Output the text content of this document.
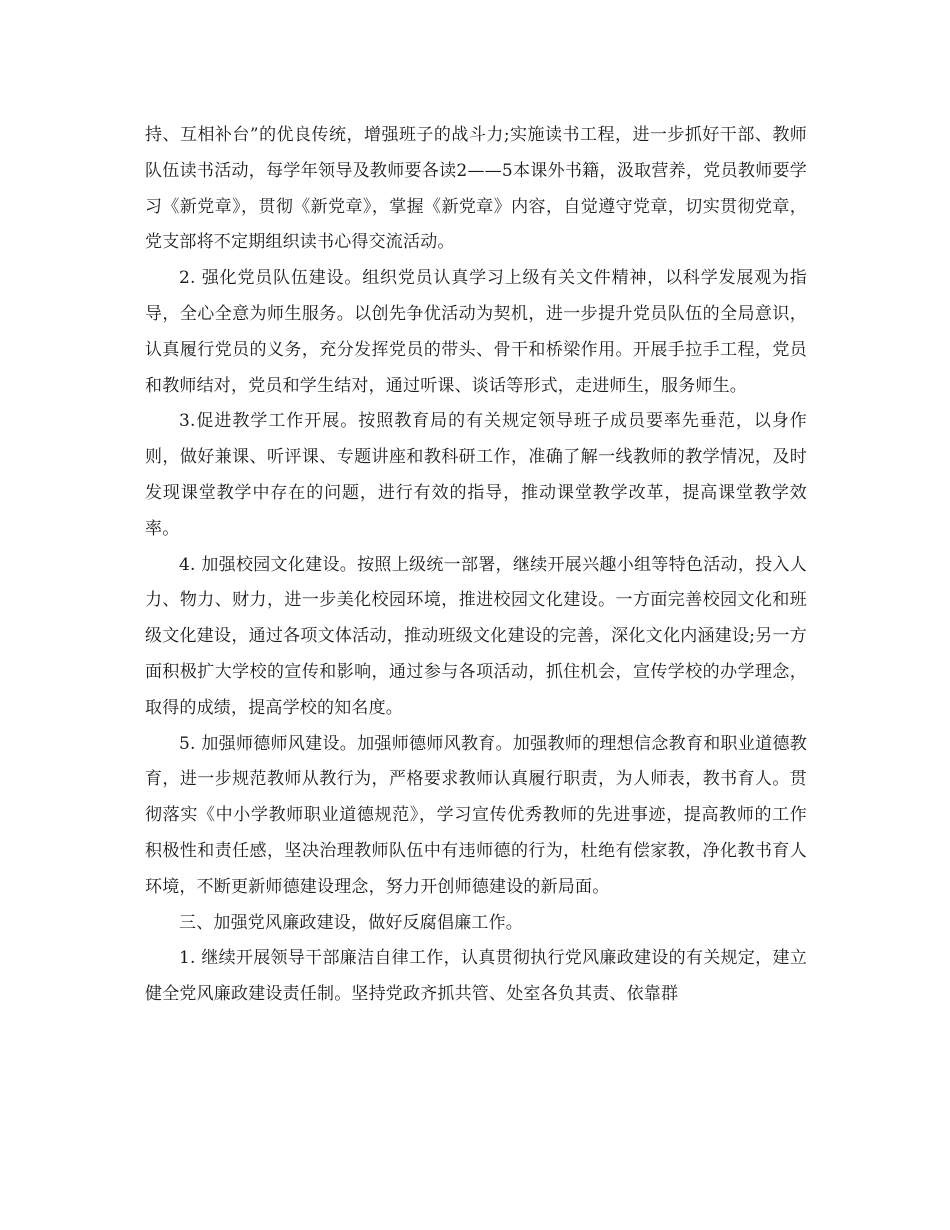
持、互相补台”的优良传统，增强班子的战斗力;实施读书工程，进一步抓好干部、教师队伍读书活动，每学年领导及教师要各读2——5本课外书籍，汲取营养，党员教师要学习《新党章》，贯彻《新党章》，掌握《新党章》内容，自觉遵守党章，切实贯彻党章，党支部将不定期组织读书心得交流活动。

2. 强化党员队伍建设。组织党员认真学习上级有关文件精神，以科学发展观为指导，全心全意为师生服务。以创先争优活动为契机，进一步提升党员队伍的全局意识，认真履行党员的义务，充分发挥党员的带头、骨干和桥梁作用。开展手拉手工程，党员和教师结对，党员和学生结对，通过听课、谈话等形式，走进师生，服务师生。

3.促进教学工作开展。按照教育局的有关规定领导班子成员要率先垂范，以身作则，做好兼课、听评课、专题讲座和教科研工作，准确了解一线教师的教学情况，及时发现课堂教学中存在的问题，进行有效的指导，推动课堂教学改革，提高课堂教学效率。

4. 加强校园文化建设。按照上级统一部署，继续开展兴趣小组等特色活动，投入人力、物力、财力，进一步美化校园环境，推进校园文化建设。一方面完善校园文化和班级文化建设，通过各项文体活动，推动班级文化建设的完善，深化文化内涵建设;另一方面积极扩大学校的宣传和影响，通过参与各项活动，抓住机会，宣传学校的办学理念，取得的成绩，提高学校的知名度。

5. 加强师德师风建设。加强师德师风教育。加强教师的理想信念教育和职业道德教育，进一步规范教师从教行为，严格要求教师认真履行职责，为人师表，教书育人。贯彻落实《中小学教师职业道德规范》，学习宣传优秀教师的先进事迹，提高教师的工作积极性和责任感，坚决治理教师队伍中有违师德的行为，杜绝有偿家教，净化教书育人环境，不断更新师德建设理念，努力开创师德建设的新局面。

三、加强党风廉政建设，做好反腐倡廉工作。

1. 继续开展领导干部廉洁自律工作，认真贯彻执行党风廉政建设的有关规定，建立健全党风廉政建设责任制。坚持党政齐抓共管、处室各负其责、依靠群
